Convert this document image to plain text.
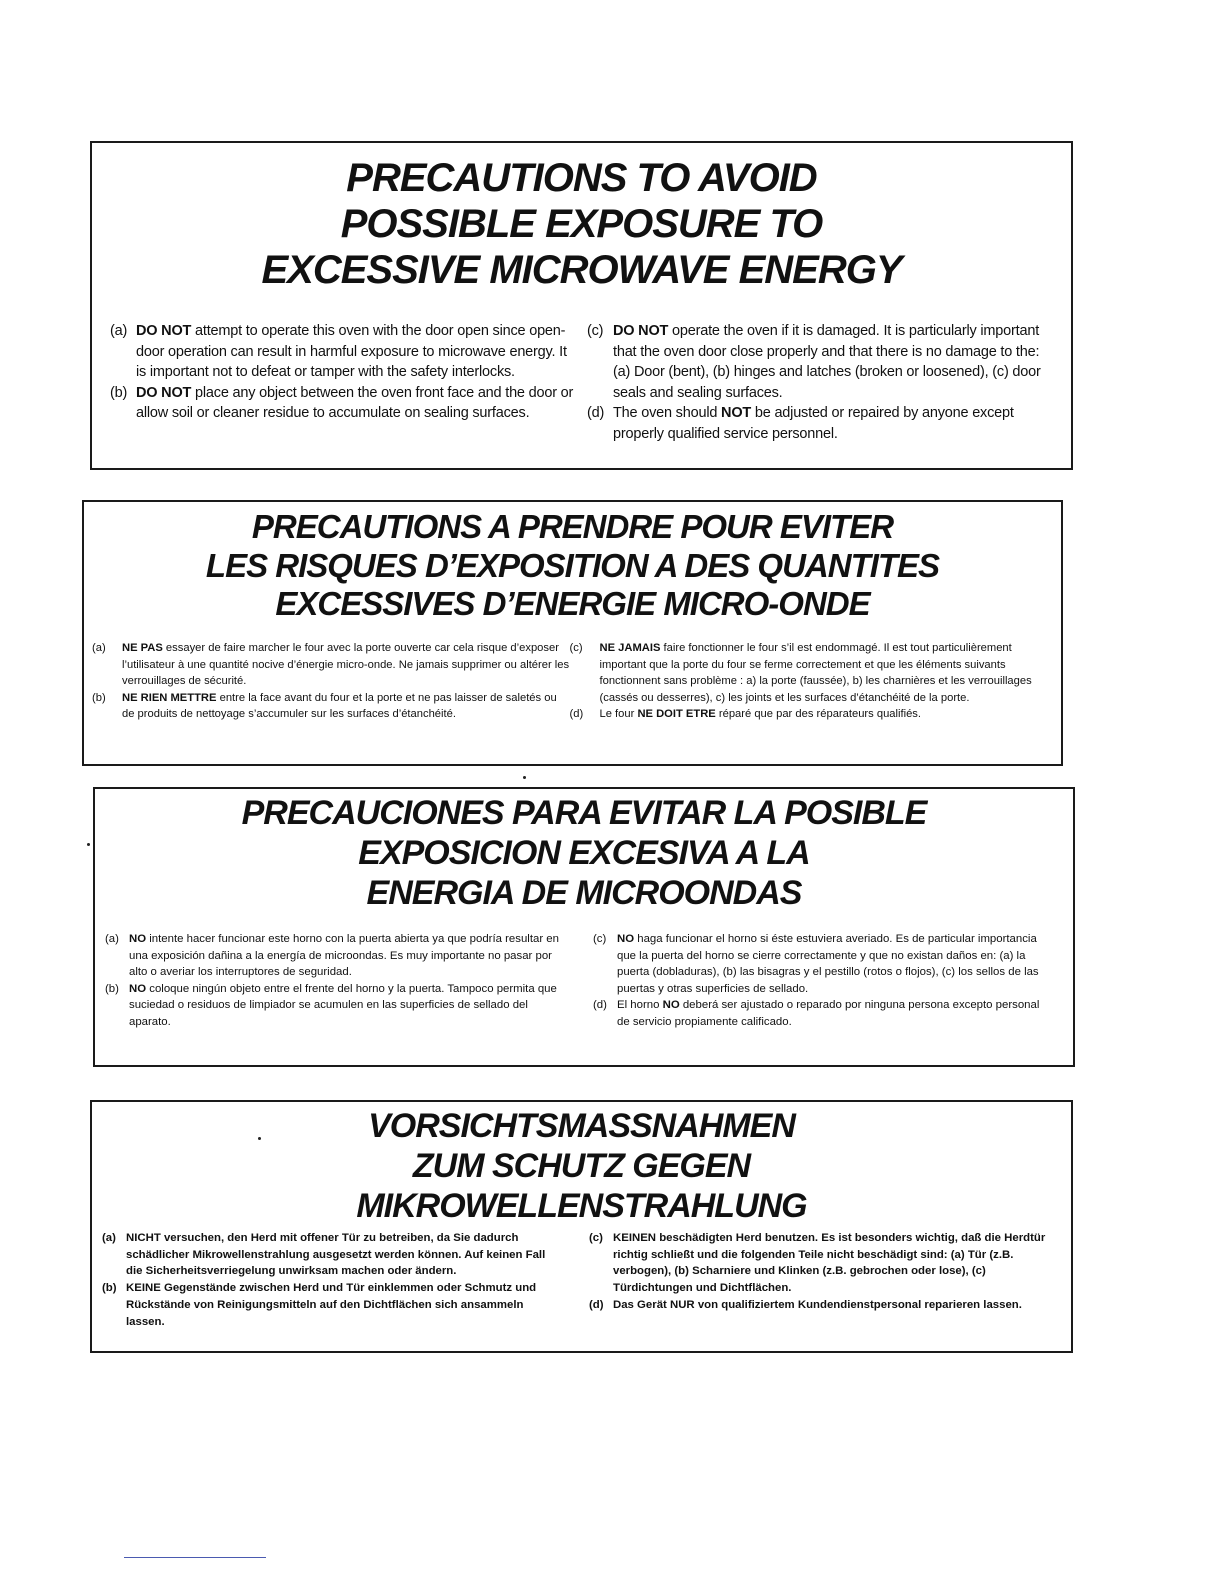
PRECAUTIONS TO AVOID
POSSIBLE EXPOSURE TO
EXCESSIVE MICROWAVE ENERGY

(a) DO NOT attempt to operate this oven with the door open since open-door operation can result in harmful exposure to microwave energy. It is important not to defeat or tamper with the safety interlocks.

(b) DO NOT place any object between the oven front face and the door or allow soil or cleaner residue to accumulate on sealing surfaces.

(c) DO NOT operate the oven if it is damaged. It is particularly important that the oven door close properly and that there is no damage to the: (a) Door (bent), (b) hinges and latches (broken or loosened), (c) door seals and sealing surfaces.

(d) The oven should NOT be adjusted or repaired by anyone except properly qualified service personnel.

PRECAUTIONS A PRENDRE POUR EVITER
LES RISQUES D’EXPOSITION A DES QUANTITES
EXCESSIVES D’ENERGIE MICRO-ONDE

(a)	NE PAS essayer de faire marcher le four avec la porte ouverte car cela risque d’exposer l’utilisateur à une quantité nocive d’énergie micro-onde. Ne jamais supprimer ou altérer les verrouillages de sécurité.

(b)	NE RIEN METTRE entre la face avant du four et la porte et ne pas laisser de saletés ou de produits de nettoyage s’accumuler sur les surfaces d’étanchéité.

(c)	NE JAMAIS faire fonctionner le four s’il est endommagé. Il est tout particulièrement important que la porte du four se ferme correctement et que les éléments suivants fonctionnent sans problème : a) la porte (faussée), b) les charnières et les verrouillages (cassés ou desserres), c) les joints et les surfaces d’étanchéité de la porte.

(d)	Le four NE DOIT ETRE réparé que par des réparateurs qualifiés.

PRECAUCIONES PARA EVITAR LA POSIBLE
EXPOSICION EXCESIVA A LA
ENERGIA DE MICROONDAS

(a) NO intente hacer funcionar este horno con la puerta abierta ya que podría resultar en una exposición dañina a la energía de microondas. Es muy importante no pasar por alto o averiar los interruptores de seguridad.

(b) NO coloque ningún objeto entre el frente del horno y la puerta. Tampoco permita que suciedad o residuos de limpiador se acumulen en las superficies de sellado del aparato.

(c) NO haga funcionar el horno si éste estuviera averiado. Es de particular importancia que la puerta del horno se cierre correctamente y que no existan daños en: (a) la puerta (dobladuras), (b) las bisagras y el pestillo (rotos o flojos), (c) los sellos de las puertas y otras superficies de sellado.

(d) El horno NO deberá ser ajustado o reparado por ninguna persona excepto personal de servicio propiamente calificado.

VORSICHTSMASSNAHMEN
ZUM SCHUTZ GEGEN
MIKROWELLENSTRAHLUNG

(a) NICHT versuchen, den Herd mit offener Tür zu betreiben, da Sie dadurch schädlicher Mikrowellenstrahlung ausgesetzt werden können. Auf keinen Fall die Sicherheitsverriegelung unwirksam machen oder ändern.

(b) KEINE Gegenstände zwischen Herd und Tür einklemmen oder Schmutz und Rückstände von Reinigungsmitteln auf den Dichtflächen sich ansammeln lassen.

(c) KEINEN beschädigten Herd benutzen. Es ist besonders wichtig, daß die Herdtür richtig schließt und die folgenden Teile nicht beschädigt sind: (a) Tür (z.B. verbogen), (b) Scharniere und Klinken (z.B. gebrochen oder lose), (c) Türdichtungen und Dichtflächen.

(d) Das Gerät NUR von qualifiziertem Kundendienstpersonal reparieren lassen.
